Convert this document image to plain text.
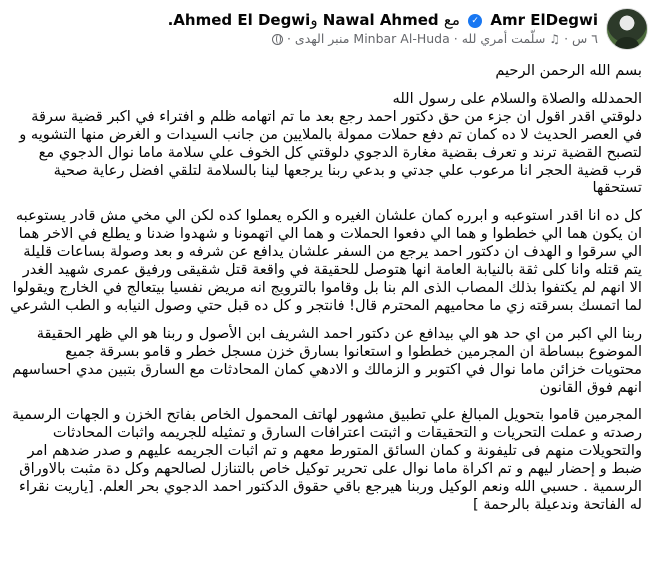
Amr ElDegwi ✓ مع Nawal Ahmed وAhmed El Degwi.
٦ س
·
♫
سلّمت أمري لله
·
Minbar Al-Huda منبر الهدى
·

بسم الله الرحمن الرحيم

الحمدلله والصلاة والسلام على رسول الله

دلوقتي اقدر اقول ان جزء من حق دكتور احمد رجع بعد ما تم اتهامه ظلم و افتراء في اكبر قضية سرقة في العصر الحديث لا ده كمان تم دفع حملات ممولة بالملايين من جانب السيدات و الغرض منها التشويه و لتصبح القضية ترند و تعرف بقضية مغارة الدجوي دلوقتي كل الخوف علي سلامة ماما نوال الدجوي مع قرب قضية الحجر انا مرعوب علي جدتي و بدعي ربنا يرجعها لينا بالسلامة لتلقي افضل رعاية صحية تستحقها

كل ده انا اقدر استوعبه و ابرره كمان علشان الغيره و الكره يعملوا كده لكن الي مخي مش قادر يستوعبه ان يكون هما الي خططوا و هما الي دفعوا الحملات و هما الي اتهمونا و شهدوا ضدنا و يطلع في الاخر هما الي سرقوا و الهدف ان دكتور احمد يرجع من السفر علشان يدافع عن شرفه و بعد وصولة بساعات قليلة يتم قتله وانا كلى ثقة بالنيابة العامة انها هتوصل للحقيقة في واقعة قتل شقيقى ورفيق عمرى شهيد الغدر الا انهم لم يكتفوا بذلك المصاب الذى الم بنا بل وقاموا بالترويج انه مريض نفسيا بيتعالج في الخارج ويقولوا لما اتمسك بسرقته زي ما محاميهم المحترم قال! فانتجر و كل ده قبل حتي وصول النيابه و الطب الشرعي

ربنا الي اكبر من اي حد هو الي بيدافع عن دكتور احمد الشريف ابن الأصول و ربنا هو الي ظهر الحقيقة الموضوع ببساطة ان المجرمين خططوا و استعانوا بسارق خزن مسجل خطر و قامو بسرقة جميع محتويات خزائن ماما نوال في اكتوبر و الزمالك و الادهي كمان المحادثات مع السارق بتبين مدي احساسهم انهم فوق القانون

المجرمين قاموا بتحويل المبالغ علي تطبيق مشهور لهاتف المحمول الخاص بفاتح الخزن و الجهات الرسمية رصدته و عملت التحريات و التحقيقات و اثبتت اعترافات السارق و تمثيله للجريمه واثبات المحادثات والتحويلات منهم فى تليفونة و كمان السائق المتورط معهم و تم اثبات الجريمه عليهم و صدر ضدهم امر ضبط و إحضار ليهم و تم اكراة ماما نوال على تحرير توكيل خاص بالتنازل لصالحهم وكل دة مثبت بالاوراق الرسمية . حسبي الله ونعم الوكيل وربنا هيرجع باقي حقوق الدكتور احمد الدجوي بحر العلم. [ياريت نقراء له الفاتحة وندعيلة بالرحمة ]
